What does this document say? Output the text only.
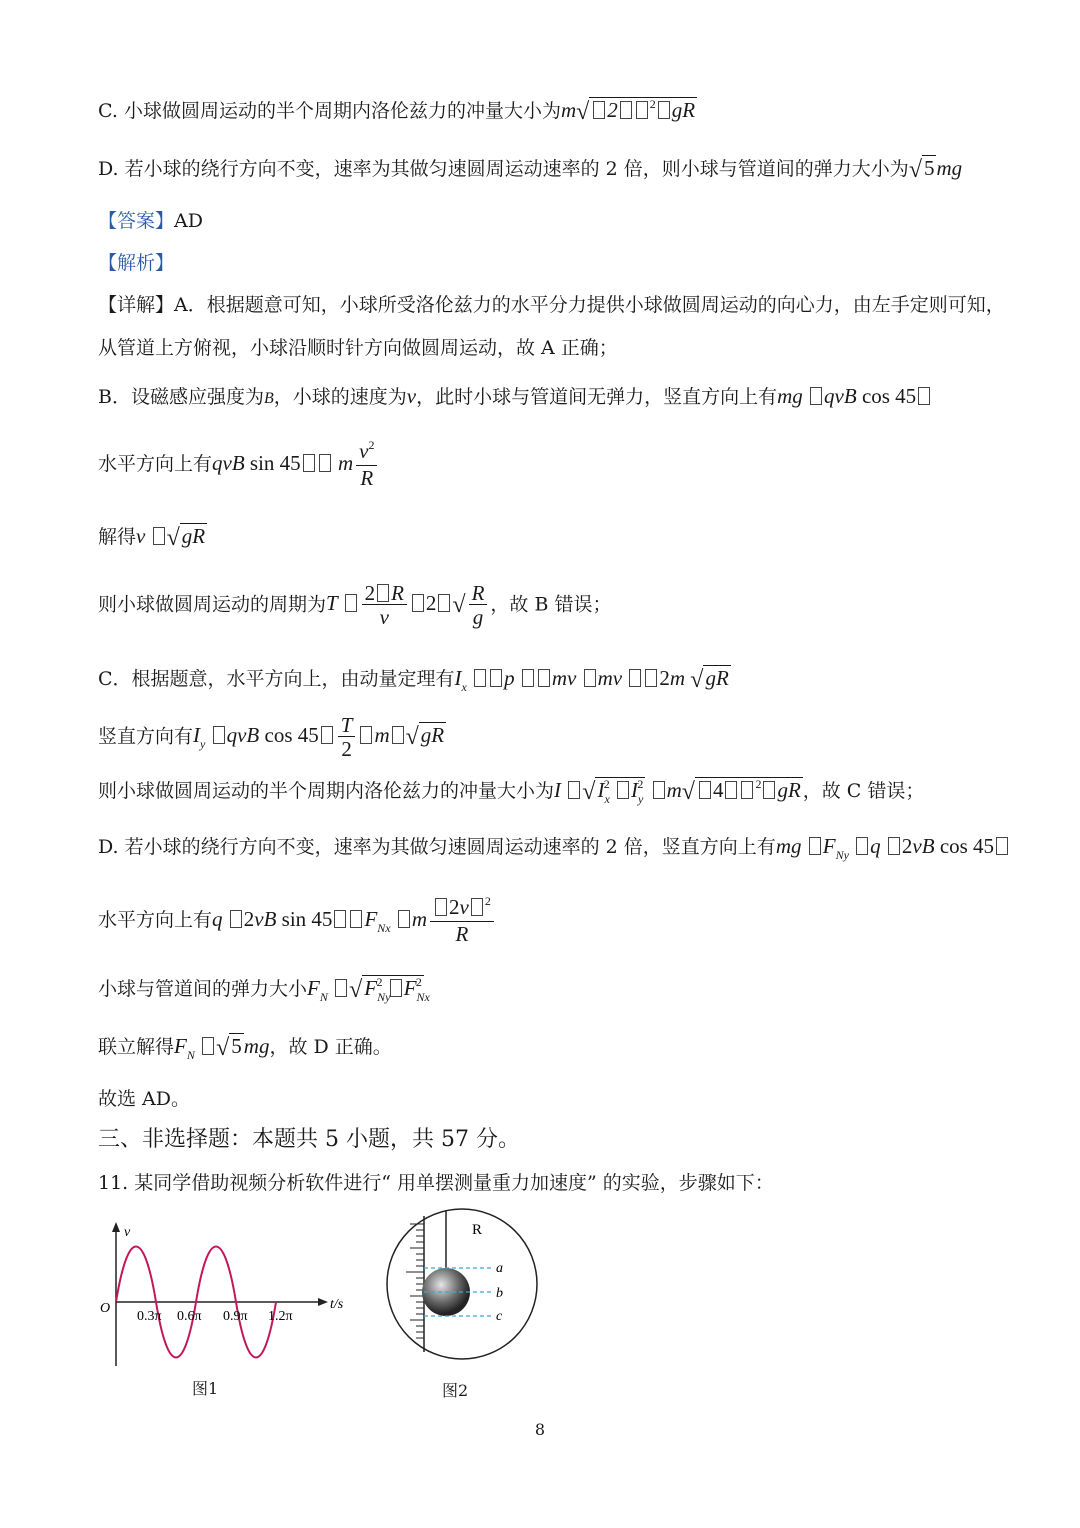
C. 小球做圆周运动的半个周期内洛伦兹力的冲量大小为m√ 2	$^2$ gR
D. 若小球的绕行方向不变，速率为其做匀速圆周运动速率的 2 倍，则小球与管道间的弹力大小为√5mg
【答案】AD
【解析】
【详解】A．根据题意可知，小球所受洛伦兹力的水平分力提供小球做圆周运动的向心力，由左手定则可知，
从管道上方俯视，小球沿顺时针方向做圆周运动，故 A 正确；
B．设磁感应强度为B，小球的速度为v，此时小球与管道间无弹力，竖直方向上有mg qvB cos 45
水平方向上有qvB sin 45 m $\frac{v^2}{R}$
解得v √gR
则小球做圆周运动的周期为T $\frac{2 R}{v} 2$ √ $\frac{R}{g}$ ，故 B 错误；
C．根据题意，水平方向上，由动量定理有$I_x$ p mv mv 2m √gR
竖直方向有$I_y$ qvB $\cos 45 \frac{T}{2}$ m √gR
则小球做圆周运动的半个周期内洛伦兹力的冲量大小为I $√I_x^2$ $I_y^2$ m√ 4	$^2$ gR ，故 C 错误；
D. 若小球的绕行方向不变，速率为其做匀速圆周运动速率的 2 倍，竖直方向上有mg $F_{Ny}$ q 2vB cos 45
水平方向上有q 2vB sin 45 $F_{Nx}$ m $\frac{2v ^2}{R}$
小球与管道间的弹力大小$F_N$ $√F_{Ny}^2$ $F_{Nx}^2$
联立解得$F_N$ √5mg，故 D 正确。
故选 AD。
三、非选择题：本题共 5 小题，共 57 分。
11. 某同学借助视频分析软件进行“ 用单摆测量重力加速度” 的实验，步骤如下：
v
t/s
O
0.3π 0.6π 0.9π 1.2π
图1
R
a
b
c
图2
8
